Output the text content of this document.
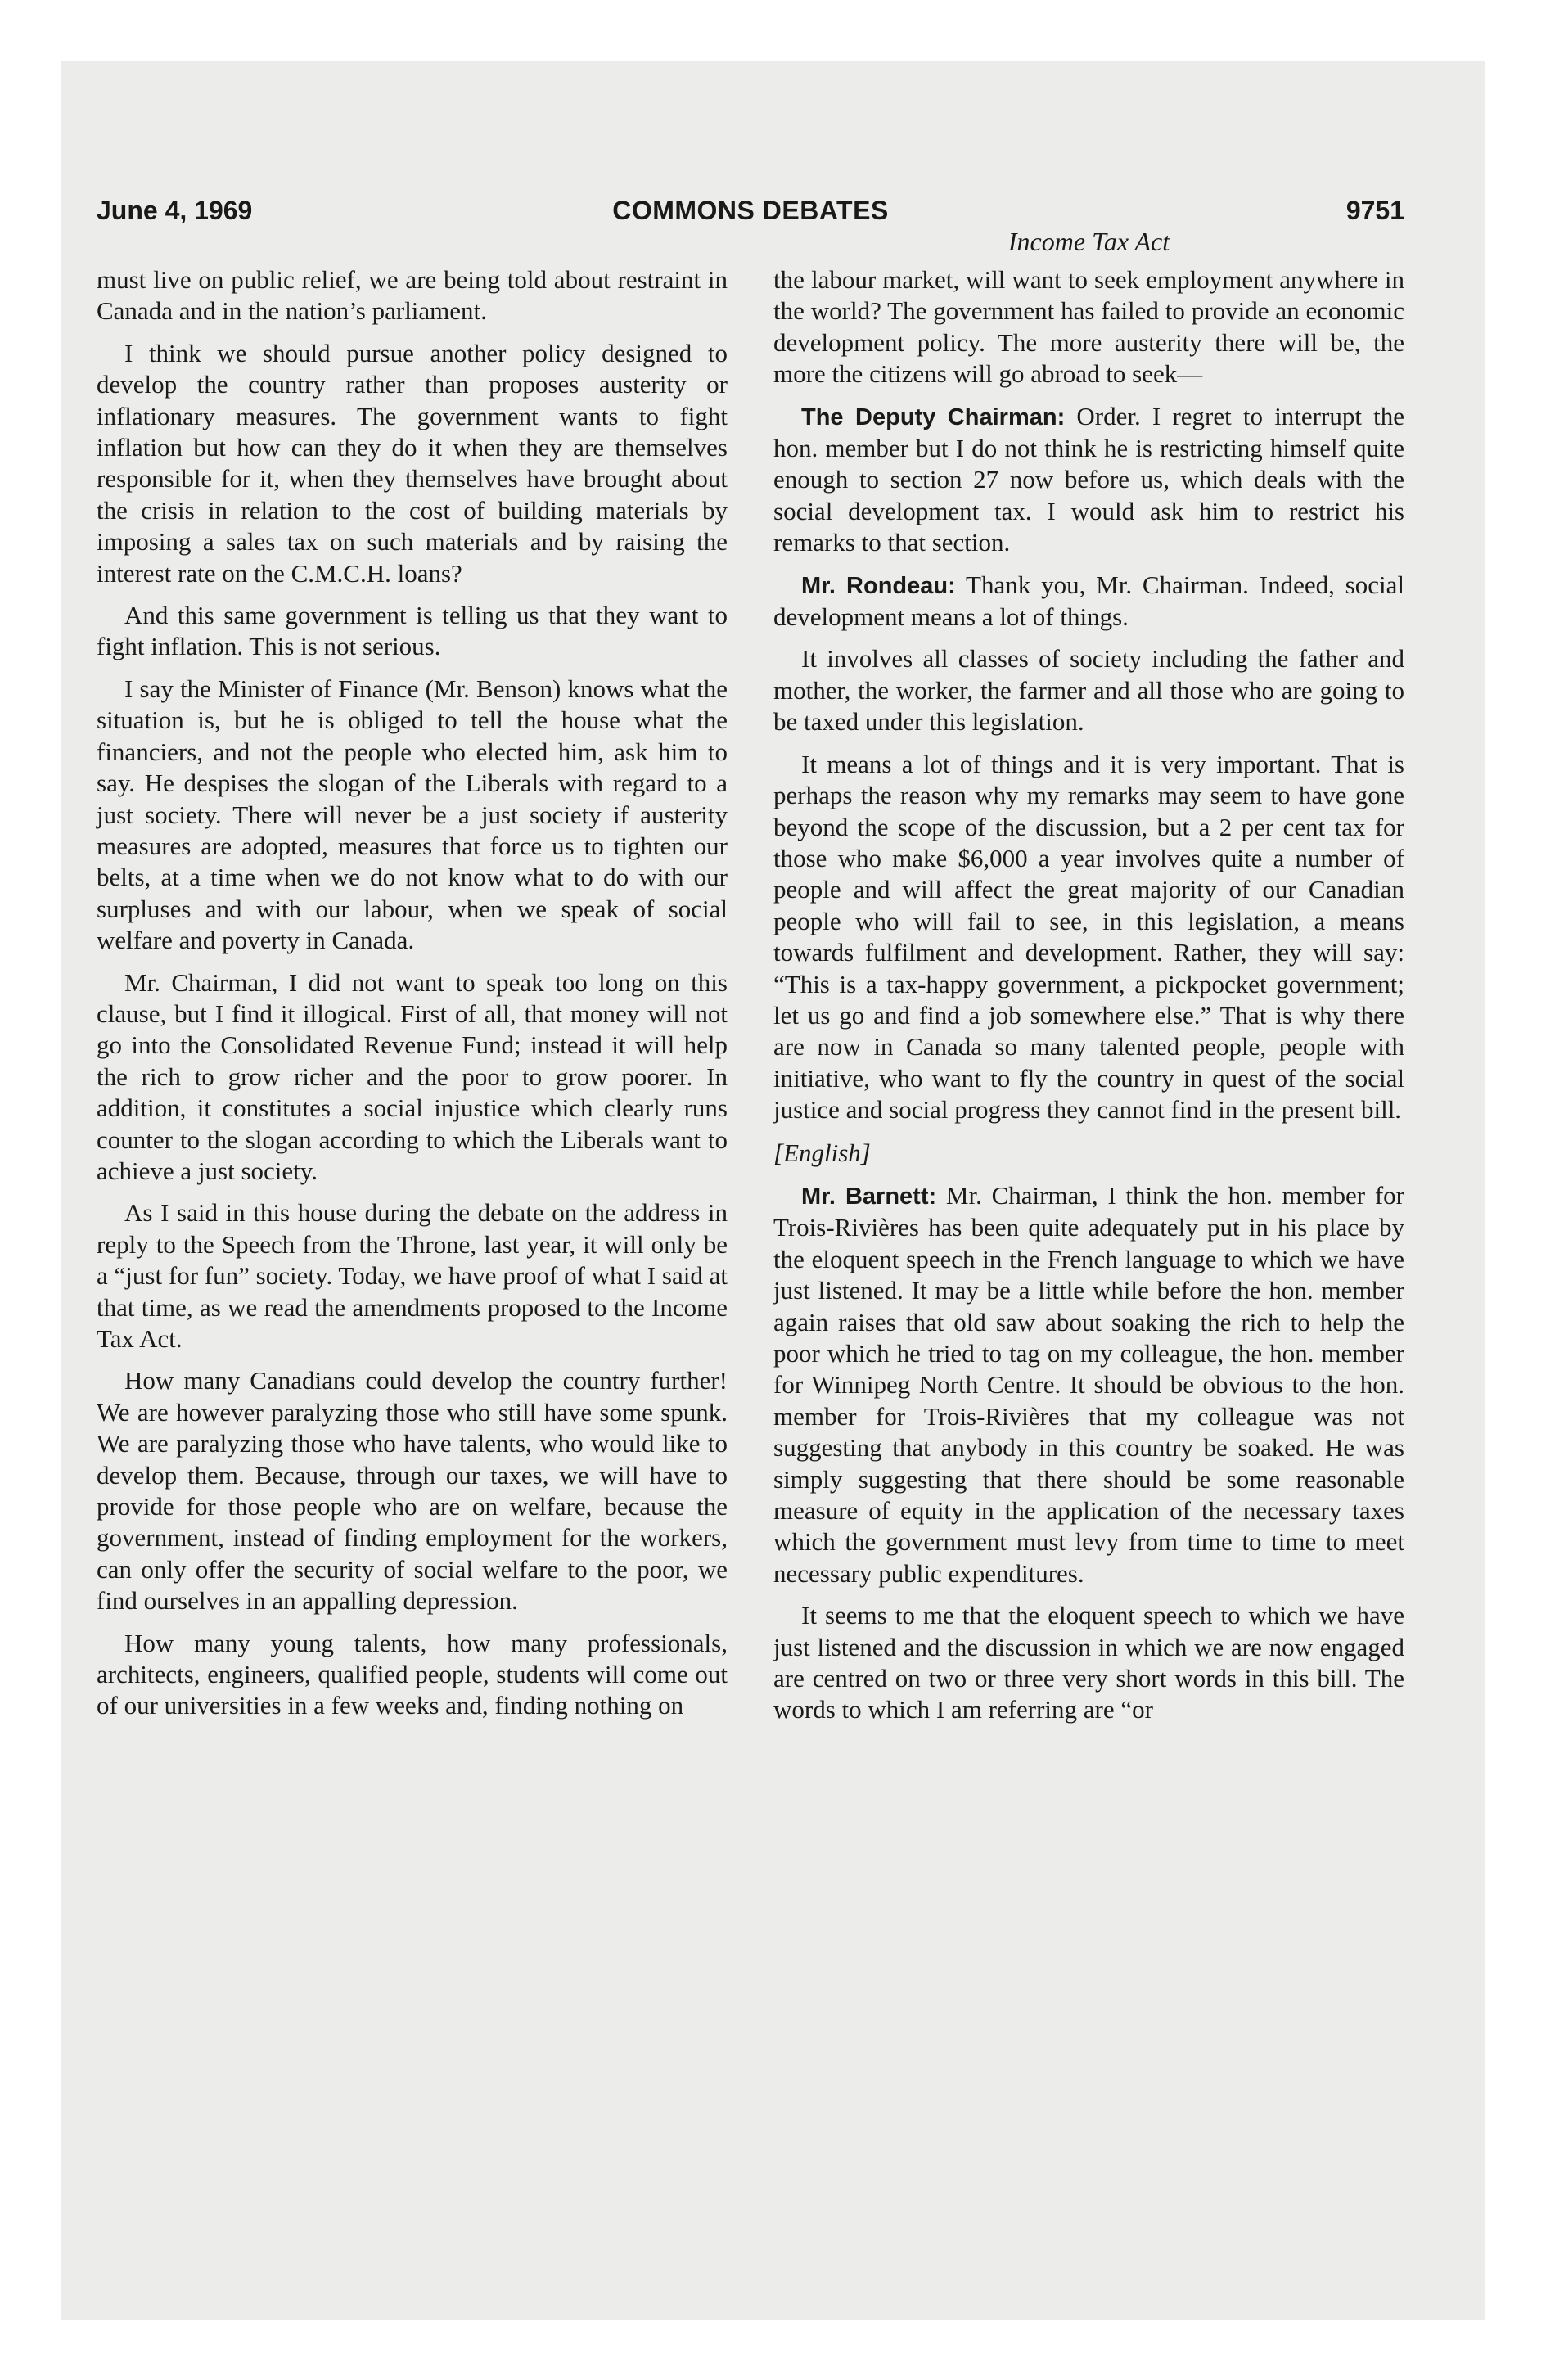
June 4, 1969	COMMONS DEBATES	9751
Income Tax Act

must live on public relief, we are being told about restraint in Canada and in the nation’s parliament.

I think we should pursue another policy designed to develop the country rather than proposes austerity or inflationary measures. The government wants to fight inflation but how can they do it when they are themselves responsible for it, when they themselves have brought about the crisis in relation to the cost of building materials by imposing a sales tax on such materials and by raising the interest rate on the C.M.C.H. loans?

And this same government is telling us that they want to fight inflation. This is not serious.

I say the Minister of Finance (Mr. Benson) knows what the situation is, but he is obliged to tell the house what the financiers, and not the people who elected him, ask him to say. He despises the slogan of the Liberals with regard to a just society. There will never be a just society if austerity measures are adopted, measures that force us to tighten our belts, at a time when we do not know what to do with our surpluses and with our labour, when we speak of social welfare and poverty in Canada.

Mr. Chairman, I did not want to speak too long on this clause, but I find it illogical. First of all, that money will not go into the Consolidated Revenue Fund; instead it will help the rich to grow richer and the poor to grow poorer. In addition, it constitutes a social injustice which clearly runs counter to the slogan according to which the Liberals want to achieve a just society.

As I said in this house during the debate on the address in reply to the Speech from the Throne, last year, it will only be a “just for fun” society. Today, we have proof of what I said at that time, as we read the amendments proposed to the Income Tax Act.

How many Canadians could develop the country further! We are however paralyzing those who still have some spunk. We are paralyzing those who have talents, who would like to develop them. Because, through our taxes, we will have to provide for those people who are on welfare, because the government, instead of finding employment for the workers, can only offer the security of social welfare to the poor, we find ourselves in an appalling depression.

How many young talents, how many professionals, architects, engineers, qualified people, students will come out of our universities in a few weeks and, finding nothing on

the labour market, will want to seek employment anywhere in the world? The government has failed to provide an economic development policy. The more austerity there will be, the more the citizens will go abroad to seek—

The Deputy Chairman: Order. I regret to interrupt the hon. member but I do not think he is restricting himself quite enough to section 27 now before us, which deals with the social development tax. I would ask him to restrict his remarks to that section.

Mr. Rondeau: Thank you, Mr. Chairman. Indeed, social development means a lot of things.

It involves all classes of society including the father and mother, the worker, the farmer and all those who are going to be taxed under this legislation.

It means a lot of things and it is very important. That is perhaps the reason why my remarks may seem to have gone beyond the scope of the discussion, but a 2 per cent tax for those who make $6,000 a year involves quite a number of people and will affect the great majority of our Canadian people who will fail to see, in this legislation, a means towards fulfilment and development. Rather, they will say: “This is a tax-happy government, a pickpocket government; let us go and find a job somewhere else.” That is why there are now in Canada so many talented people, people with initiative, who want to fly the country in quest of the social justice and social progress they cannot find in the present bill.

[English]

Mr. Barnett: Mr. Chairman, I think the hon. member for Trois-Rivières has been quite adequately put in his place by the eloquent speech in the French language to which we have just listened. It may be a little while before the hon. member again raises that old saw about soaking the rich to help the poor which he tried to tag on my colleague, the hon. member for Winnipeg North Centre. It should be obvious to the hon. member for Trois-Rivières that my colleague was not suggesting that anybody in this country be soaked. He was simply suggesting that there should be some reasonable measure of equity in the application of the necessary taxes which the government must levy from time to time to meet necessary public expenditures.

It seems to me that the eloquent speech to which we have just listened and the discussion in which we are now engaged are centred on two or three very short words in this bill. The words to which I am referring are “or
